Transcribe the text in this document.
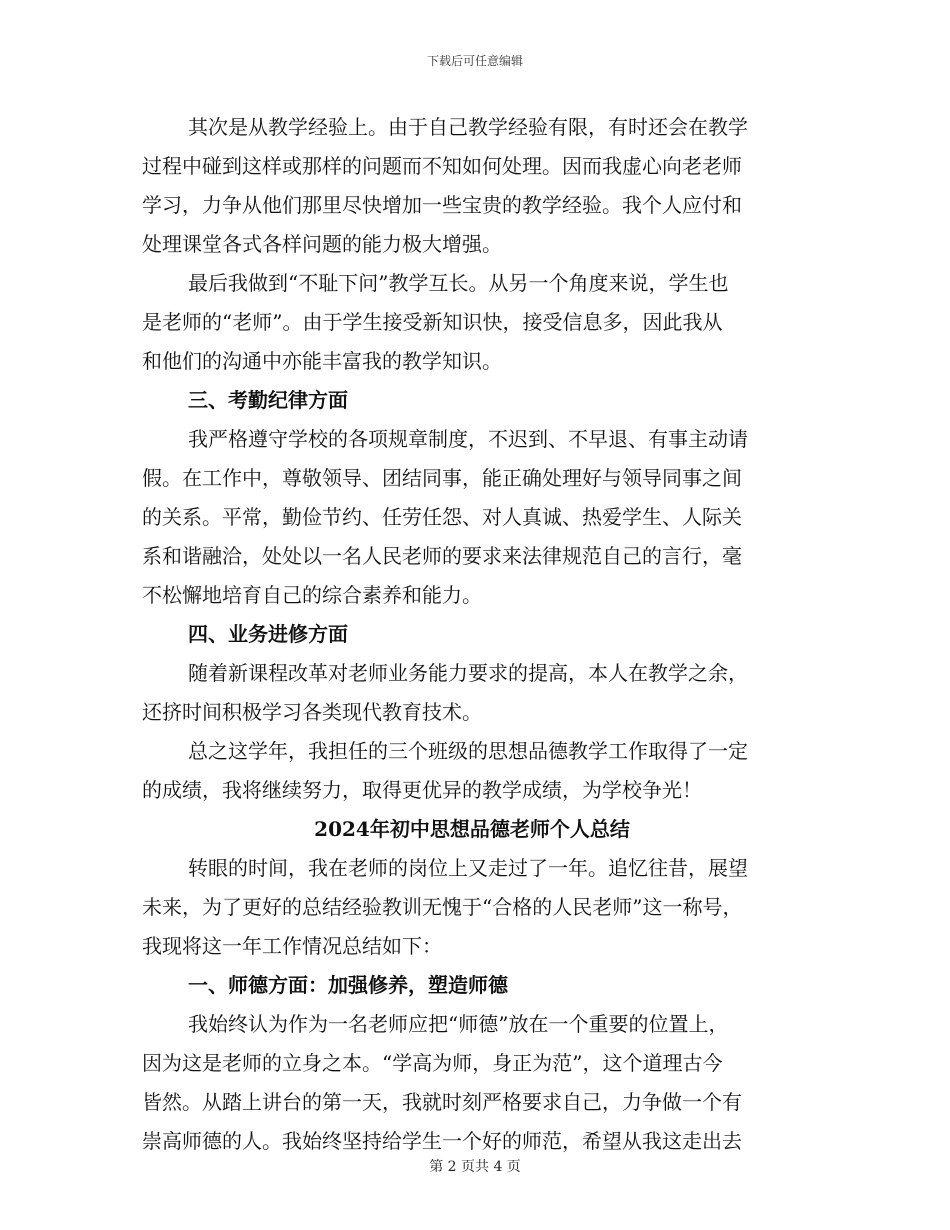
下载后可任意编辑
其次是从教学经验上。由于自己教学经验有限，有时还会在教学
过程中碰到这样或那样的问题而不知如何处理。因而我虚心向老老师
学习，力争从他们那里尽快增加一些宝贵的教学经验。我个人应付和
处理课堂各式各样问题的能力极大增强。
最后我做到“不耻下问”教学互长。从另一个角度来说，学生也
是老师的“老师”。由于学生接受新知识快，接受信息多，因此我从
和他们的沟通中亦能丰富我的教学知识。
三、考勤纪律方面
我严格遵守学校的各项规章制度，不迟到、不早退、有事主动请
假。在工作中，尊敬领导、团结同事，能正确处理好与领导同事之间
的关系。平常，勤俭节约、任劳任怨、对人真诚、热爱学生、人际关
系和谐融洽，处处以一名人民老师的要求来法律规范自己的言行，毫
不松懈地培育自己的综合素养和能力。
四、业务进修方面
随着新课程改革对老师业务能力要求的提高，本人在教学之余，
还挤时间积极学习各类现代教育技术。
总之这学年，我担任的三个班级的思想品德教学工作取得了一定
的成绩，我将继续努力，取得更优异的教学成绩，为学校争光！
2024年初中思想品德老师个人总结
转眼的时间，我在老师的岗位上又走过了一年。追忆往昔，展望
未来，为了更好的总结经验教训无愧于“合格的人民老师”这一称号，
我现将这一年工作情况总结如下：
一、师德方面：加强修养，塑造师德
我始终认为作为一名老师应把“师德”放在一个重要的位置上，
因为这是老师的立身之本。“学高为师，身正为范”，这个道理古今
皆然。从踏上讲台的第一天，我就时刻严格要求自己，力争做一个有
崇高师德的人。我始终坚持给学生一个好的师范，希望从我这走出去
第 2 页共 4 页
